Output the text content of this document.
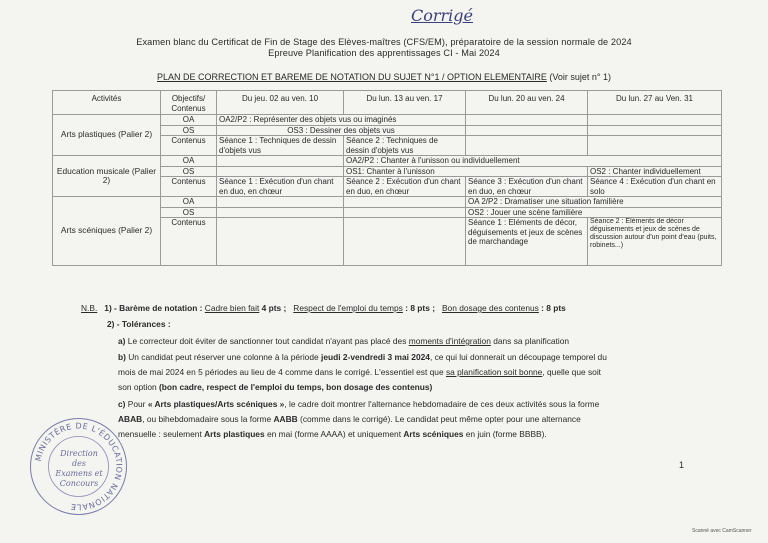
Corrigé
Examen blanc du Certificat de Fin de Stage des Elèves-maîtres (CFS/EM), préparatoire de la session normale de 2024
Epreuve Planification des apprentissages CI - Mai 2024
PLAN DE CORRECTION ET BAREME DE NOTATION DU SUJET N°1 / OPTION ELEMENTAIRE (Voir sujet n° 1)
Activités	Objectifs/ Contenus	Du jeu. 02 au ven. 10	Du lun. 13 au ven. 17	Du lun. 20 au ven. 24	Du lun. 27 au Ven. 31
Arts plastiques (Palier 2)	OA	OA2/P2 : Représenter des objets vus ou imaginés			
	OS	OS3 : Dessiner des objets vus			
	Contenus	Séance 1 : Techniques de dessin d'objets vus	Séance 2 : Techniques de dessin d'objets vus		
Education musicale (Palier 2)	OA		OA2/P2 : Chanter à l'unisson ou individuellement		
	OS		OS1: Chanter à l'unisson		OS2 : Chanter individuellement
	Contenus	Séance 1 : Exécution d'un chant en duo, en chœur	Séance 2 : Exécution d'un chant en duo, en chœur	Séance 3 : Exécution d'un chant en duo, en chœur	Séance 4 : Exécution d'un chant en solo
Arts scéniques (Palier 2)	OA			OA 2/P2 : Dramatiser une situation familière	
	OS			OS2 : Jouer une scène familière	
	Contenus			Séance 1 : Eléments de décor, déguisements et jeux de scènes de marchandage	Séance 2 : Eléments de décor déguisements et jeux de scènes de discussion autour d'un point d'eau (puits, robinets...)
N.B. 1) - Barème de notation : Cadre bien fait 4 pts ; Respect de l'emploi du temps : 8 pts ; Bon dosage des contenus : 8 pts
2) - Tolérances :
a) Le correcteur doit éviter de sanctionner tout candidat n'ayant pas placé des moments d'intégration dans sa planification
b) Un candidat peut réserver une colonne à la période jeudi 2-vendredi 3 mai 2024, ce qui lui donnerait un découpage temporel du
mois de mai 2024 en 5 périodes au lieu de 4 comme dans le corrigé. L'essentiel est que sa planification soit bonne, quelle que soit
son option (bon cadre, respect de l'emploi du temps, bon dosage des contenus)
c) Pour « Arts plastiques/Arts scéniques », le cadre doit montrer l'alternance hebdomadaire de ces deux activités sous la forme
ABAB, ou bihebdomadaire sous la forme AABB (comme dans le corrigé). Le candidat peut même opter pour une alternance
mensuelle : seulement Arts plastiques en mai (forme AAAA) et uniquement Arts scéniques en juin (forme BBBB).
1
MINISTÈRE DE L'ÉDUCATION NATIONALE
Direction des Examens et Concours
Scanné avec CamScanner
